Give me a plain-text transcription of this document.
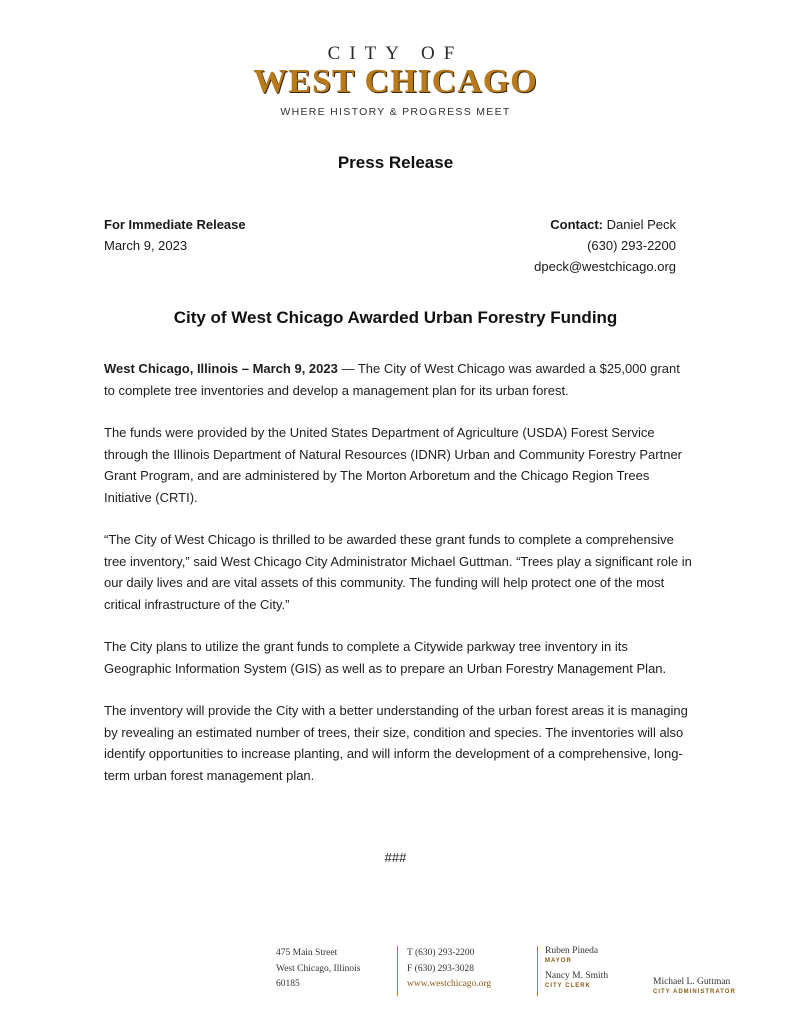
CITY OF
WEST CHICAGO
WHERE HISTORY & PROGRESS MEET
Press Release
For Immediate Release
March 9, 2023
Contact: Daniel Peck
(630) 293-2200
dpeck@westchicago.org
City of West Chicago Awarded Urban Forestry Funding

West Chicago, Illinois – March 9, 2023 — The City of West Chicago was awarded a $25,000 grant to complete tree inventories and develop a management plan for its urban forest.

The funds were provided by the United States Department of Agriculture (USDA) Forest Service through the Illinois Department of Natural Resources (IDNR) Urban and Community Forestry Partner Grant Program, and are administered by The Morton Arboretum and the Chicago Region Trees Initiative (CRTI).

“The City of West Chicago is thrilled to be awarded these grant funds to complete a comprehensive tree inventory,” said West Chicago City Administrator Michael Guttman. “Trees play a significant role in our daily lives and are vital assets of this community. The funding will help protect one of the most critical infrastructure of the City.”

The City plans to utilize the grant funds to complete a Citywide parkway tree inventory in its Geographic Information System (GIS) as well as to prepare an Urban Forestry Management Plan.

The inventory will provide the City with a better understanding of the urban forest areas it is managing by revealing an estimated number of trees, their size, condition and species. The inventories will also identify opportunities to increase planting, and will inform the development of a comprehensive, long-term urban forest management plan.

###
475 Main Street
West Chicago, Illinois
60185
T (630) 293-2200
F (630) 293-3028
www.westchicago.org
Ruben Pineda
MAYOR
Nancy M. Smith
CITY CLERK	Michael L. Guttman
CITY ADMINISTRATOR
